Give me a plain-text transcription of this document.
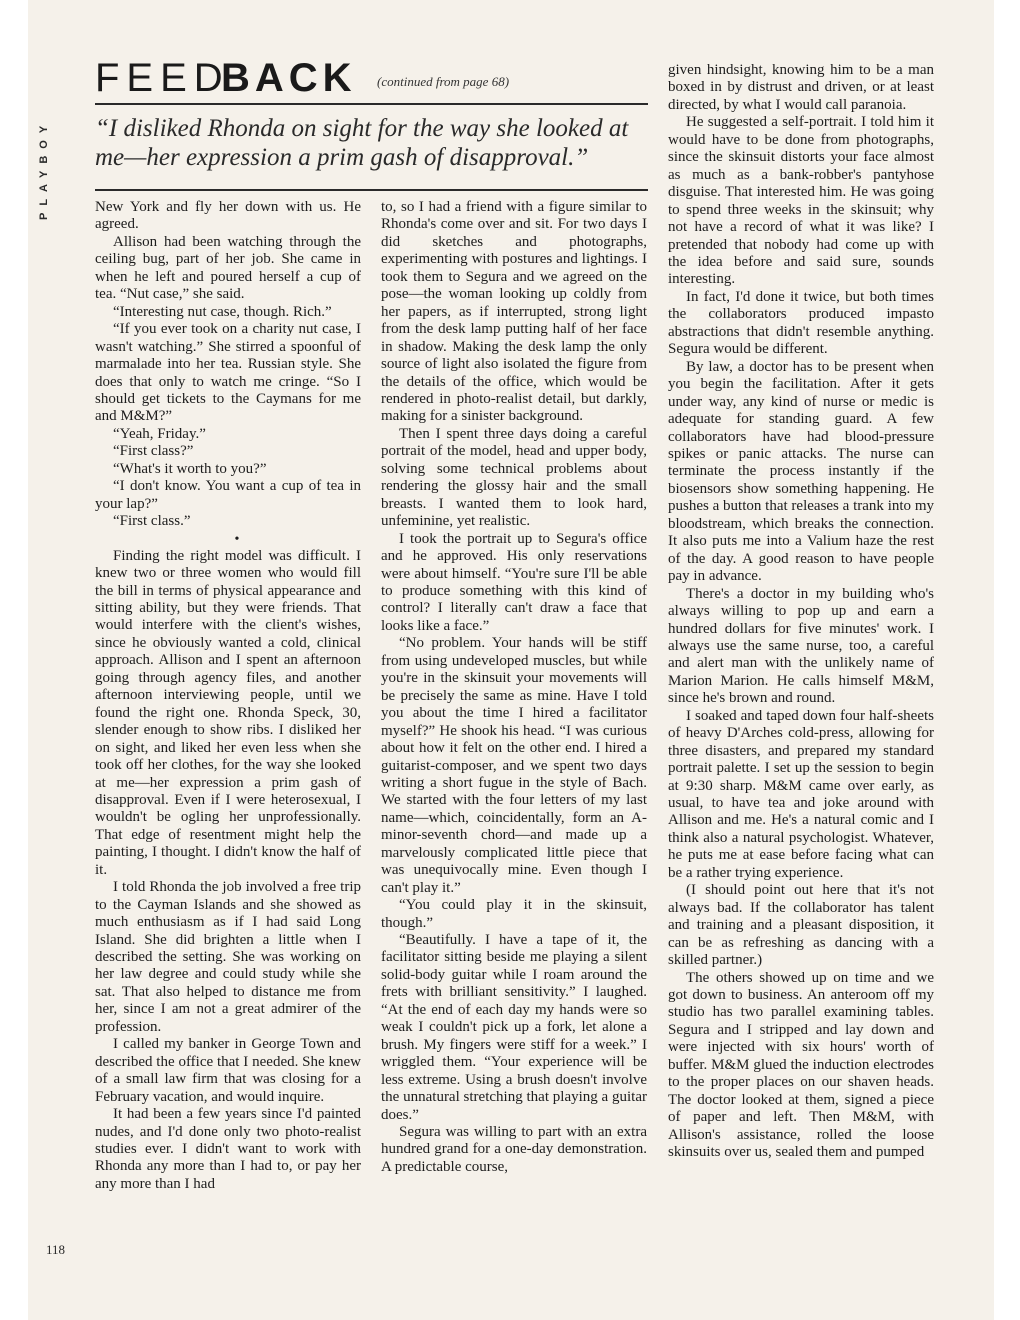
PLAYBOY
FEED
BACK (continued from page 68)
“I disliked Rhonda on sight for the way she looked at me—her expression a prim gash of disapproval.”

New York and fly her down with us. He agreed.

Allison had been watching through the ceiling bug, part of her job. She came in when he left and poured herself a cup of tea. “Nut case,” she said.

“Interesting nut case, though. Rich.”

“If you ever took on a charity nut case, I wasn't watching.” She stirred a spoonful of marmalade into her tea. Russian style. She does that only to watch me cringe. “So I should get tickets to the Caymans for me and M&M?”

“Yeah, Friday.”

“First class?”

“What's it worth to you?”

“I don't know. You want a cup of tea in your lap?”

“First class.”

•

Finding the right model was difficult. I knew two or three women who would fill the bill in terms of physical appearance and sitting ability, but they were friends. That would interfere with the client's wishes, since he obviously wanted a cold, clinical approach. Allison and I spent an afternoon going through agency files, and another afternoon interviewing people, until we found the right one. Rhonda Speck, 30, slender enough to show ribs. I disliked her on sight, and liked her even less when she took off her clothes, for the way she looked at me—her expression a prim gash of disapproval. Even if I were heterosexual, I wouldn't be ogling her unprofessionally. That edge of resentment might help the painting, I thought. I didn't know the half of it.

I told Rhonda the job involved a free trip to the Cayman Islands and she showed as much enthusiasm as if I had said Long Island. She did brighten a little when I described the setting. She was working on her law degree and could study while she sat. That also helped to distance me from her, since I am not a great admirer of the profession.

I called my banker in George Town and described the office that I needed. She knew of a small law firm that was closing for a February vacation, and would inquire.

It had been a few years since I'd painted nudes, and I'd done only two photo-realist studies ever. I didn't want to work with Rhonda any more than I had to, or pay her any more than I had

to, so I had a friend with a figure similar to Rhonda's come over and sit. For two days I did sketches and photographs, experimenting with postures and lightings. I took them to Segura and we agreed on the pose—the woman looking up coldly from her papers, as if interrupted, strong light from the desk lamp putting half of her face in shadow. Making the desk lamp the only source of light also isolated the figure from the details of the office, which would be rendered in photo-realist detail, but darkly, making for a sinister background.

Then I spent three days doing a careful portrait of the model, head and upper body, solving some technical problems about rendering the glossy hair and the small breasts. I wanted them to look hard, unfeminine, yet realistic.

I took the portrait up to Segura's office and he approved. His only reservations were about himself. “You're sure I'll be able to produce something with this kind of control? I literally can't draw a face that looks like a face.”

“No problem. Your hands will be stiff from using undeveloped muscles, but while you're in the skinsuit your movements will be precisely the same as mine. Have I told you about the time I hired a facilitator myself?” He shook his head. “I was curious about how it felt on the other end. I hired a guitarist-composer, and we spent two days writing a short fugue in the style of Bach. We started with the four letters of my last name—which, coincidentally, form an A-minor-seventh chord—and made up a marvelously complicated little piece that was unequivocally mine. Even though I can't play it.”

“You could play it in the skinsuit, though.”

“Beautifully. I have a tape of it, the facilitator sitting beside me playing a silent solid-body guitar while I roam around the frets with brilliant sensitivity.” I laughed. “At the end of each day my hands were so weak I couldn't pick up a fork, let alone a brush. My fingers were stiff for a week.” I wriggled them. “Your experience will be less extreme. Using a brush doesn't involve the unnatural stretching that playing a guitar does.”

Segura was willing to part with an extra hundred grand for a one-day demonstration. A predictable course,

given hindsight, knowing him to be a man boxed in by distrust and driven, or at least directed, by what I would call paranoia.

He suggested a self-portrait. I told him it would have to be done from photographs, since the skinsuit distorts your face almost as much as a bank-robber's pantyhose disguise. That interested him. He was going to spend three weeks in the skinsuit; why not have a record of what it was like? I pretended that nobody had come up with the idea before and said sure, sounds interesting.

In fact, I'd done it twice, but both times the collaborators produced impasto abstractions that didn't resemble anything. Segura would be different.

By law, a doctor has to be present when you begin the facilitation. After it gets under way, any kind of nurse or medic is adequate for standing guard. A few collaborators have had blood-pressure spikes or panic attacks. The nurse can terminate the process instantly if the biosensors show something happening. He pushes a button that releases a trank into my bloodstream, which breaks the connection. It also puts me into a Valium haze the rest of the day. A good reason to have people pay in advance.

There's a doctor in my building who's always willing to pop up and earn a hundred dollars for five minutes' work. I always use the same nurse, too, a careful and alert man with the unlikely name of Marion Marion. He calls himself M&M, since he's brown and round.

I soaked and taped down four half-sheets of heavy D'Arches cold-press, allowing for three disasters, and prepared my standard portrait palette. I set up the session to begin at 9:30 sharp. M&M came over early, as usual, to have tea and joke around with Allison and me. He's a natural comic and I think also a natural psychologist. Whatever, he puts me at ease before facing what can be a rather trying experience.

(I should point out here that it's not always bad. If the collaborator has talent and training and a pleasant disposition, it can be as refreshing as dancing with a skilled partner.)

The others showed up on time and we got down to business. An anteroom off my studio has two parallel examining tables. Segura and I stripped and lay down and were injected with six hours' worth of buffer. M&M glued the induction electrodes to the proper places on our shaven heads. The doctor looked at them, signed a piece of paper and left. Then M&M, with Allison's assistance, rolled the loose skinsuits over us, sealed them and pumped

118
